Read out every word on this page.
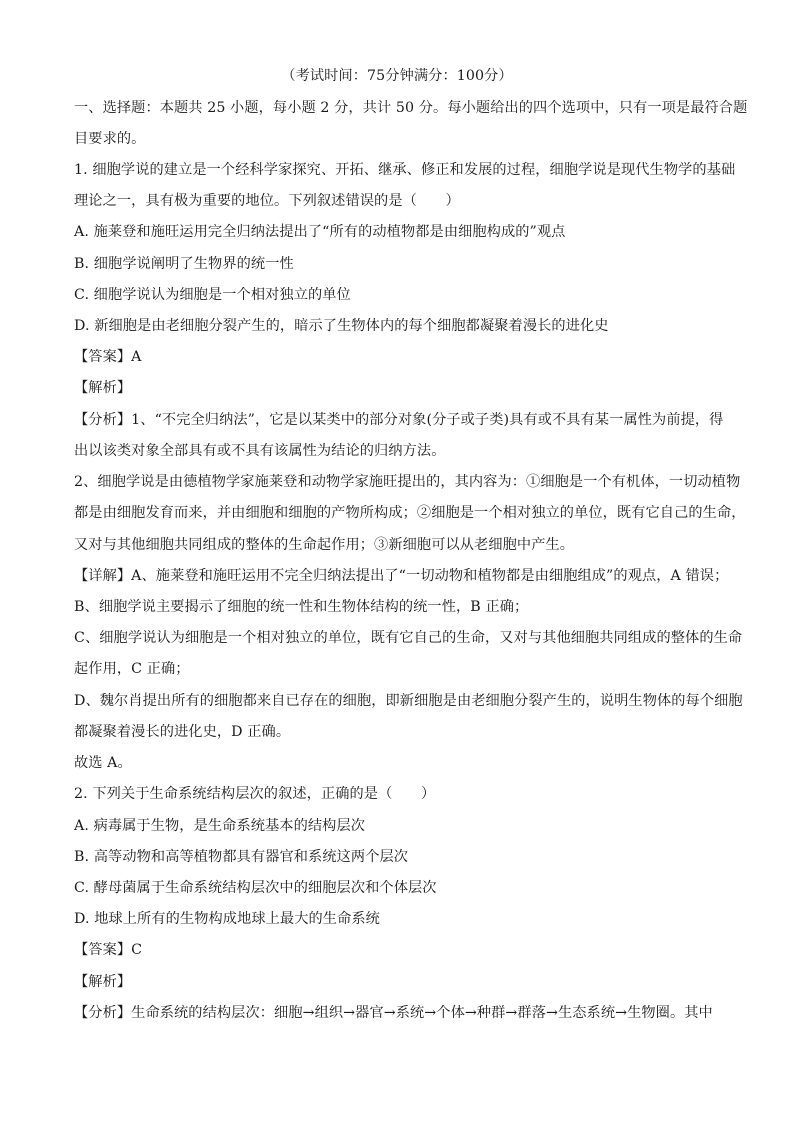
（考试时间：75分钟满分：100分）
一、选择题：本题共 25 小题，每小题 2 分，共计 50 分。每小题给出的四个选项中，只有一项是最符合题
目要求的。
1. 细胞学说的建立是一个经科学家探究、开拓、继承、修正和发展的过程，细胞学说是现代生物学的基础
理论之一，具有极为重要的地位。下列叙述错误的是（　　）
A. 施莱登和施旺运用完全归纳法提出了“所有的动植物都是由细胞构成的”观点
B. 细胞学说阐明了生物界的统一性
C. 细胞学说认为细胞是一个相对独立的单位
D. 新细胞是由老细胞分裂产生的，暗示了生物体内的每个细胞都凝聚着漫长的进化史
【答案】A
【解析】
【分析】1、“不完全归纳法”，它是以某类中的部分对象(分子或子类)具有或不具有某一属性为前提，得
出以该类对象全部具有或不具有该属性为结论的归纳方法。
2、细胞学说是由德植物学家施莱登和动物学家施旺提出的，其内容为：①细胞是一个有机体，一切动植物
都是由细胞发育而来，并由细胞和细胞的产物所构成；②细胞是一个相对独立的单位，既有它自己的生命，
又对与其他细胞共同组成的整体的生命起作用；③新细胞可以从老细胞中产生。
【详解】A、施莱登和施旺运用不完全归纳法提出了“一切动物和植物都是由细胞组成”的观点，A 错误；
B、细胞学说主要揭示了细胞的统一性和生物体结构的统一性，B 正确；
C、细胞学说认为细胞是一个相对独立的单位，既有它自己的生命，又对与其他细胞共同组成的整体的生命
起作用，C 正确；
D、魏尔肖提出所有的细胞都来自已存在的细胞，即新细胞是由老细胞分裂产生的，说明生物体的每个细胞
都凝聚着漫长的进化史，D 正确。
故选 A。
2. 下列关于生命系统结构层次的叙述，正确的是（　　）
A. 病毒属于生物，是生命系统基本的结构层次
B. 高等动物和高等植物都具有器官和系统这两个层次
C. 酵母菌属于生命系统结构层次中的细胞层次和个体层次
D. 地球上所有的生物构成地球上最大的生命系统
【答案】C
【解析】
【分析】生命系统的结构层次：细胞→组织→器官→系统→个体→种群→群落→生态系统→生物圈。其中
